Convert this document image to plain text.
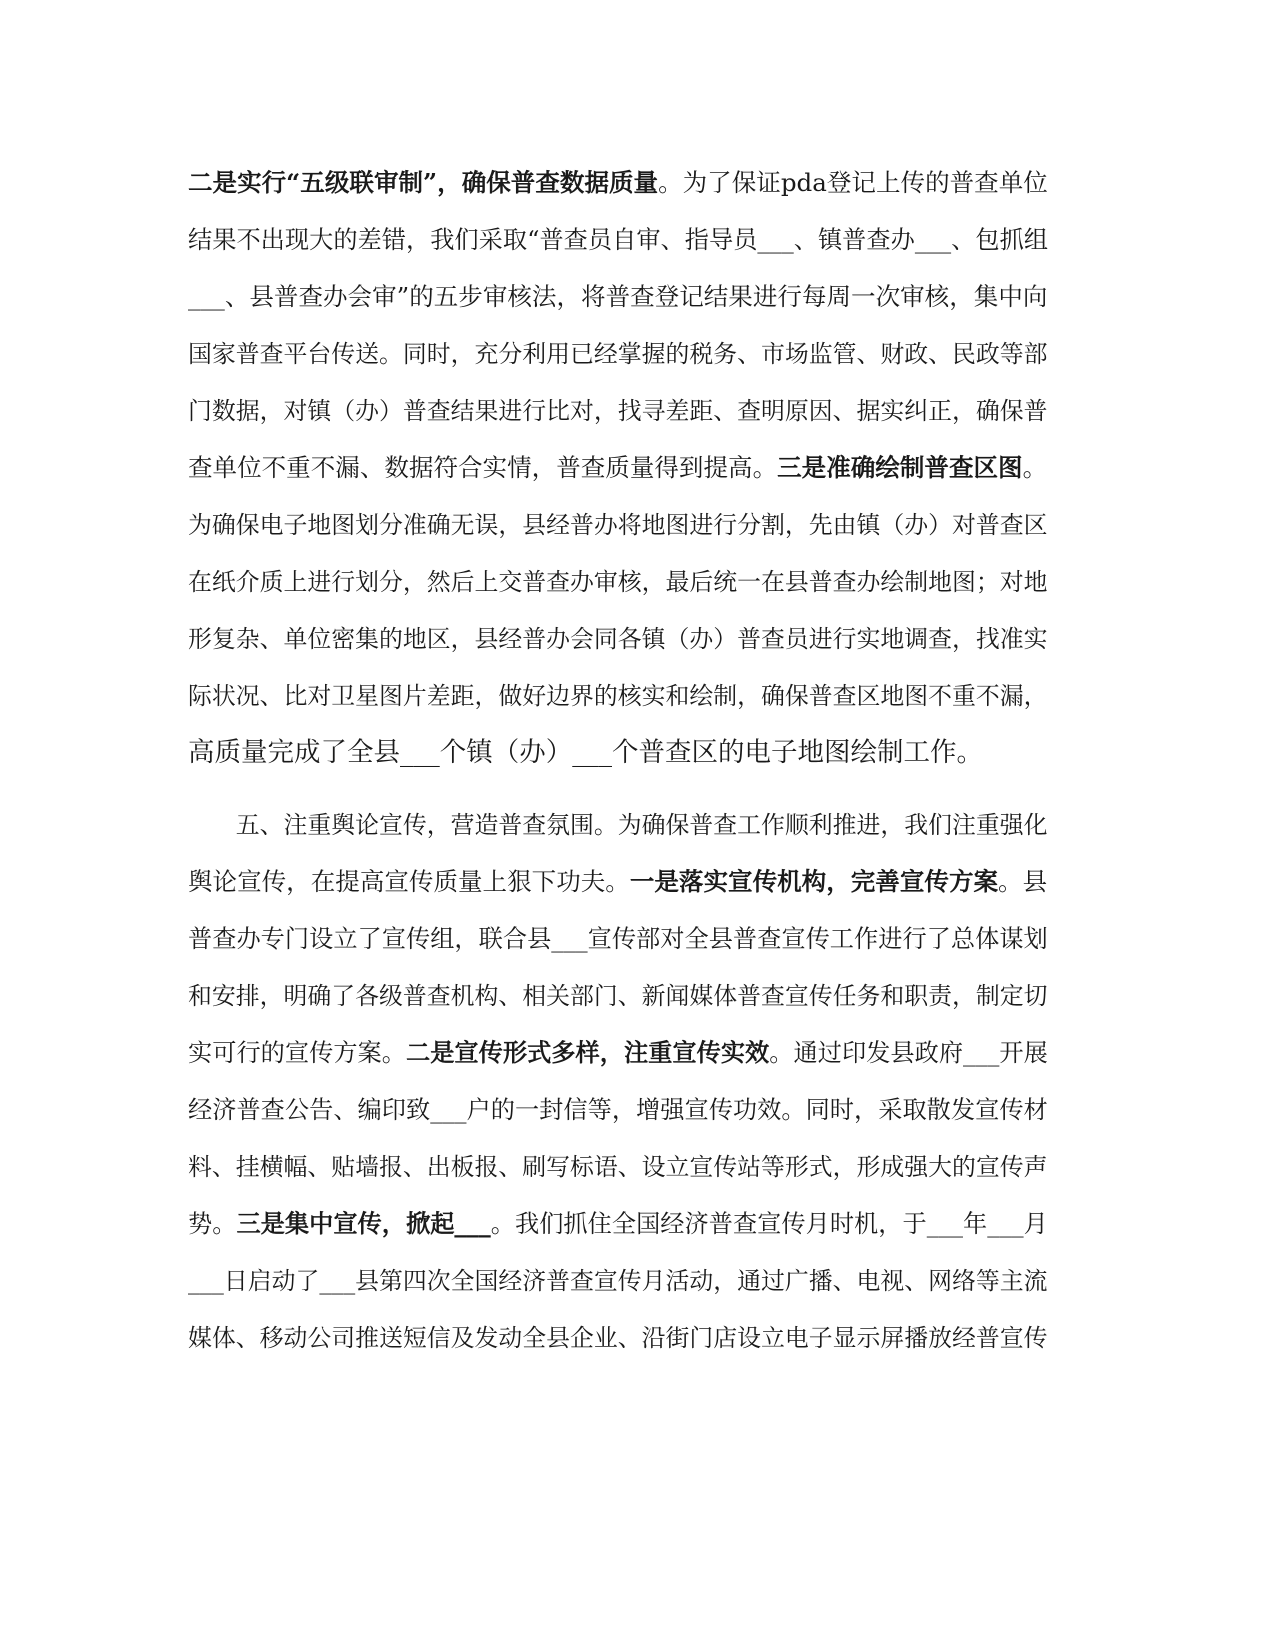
二是实行“五级联审制”，确保普查数据质量。为了保证pda登记上传的普查单位
结果不出现大的差错，我们采取“普查员自审、指导员___、镇普查办___、包抓组
___、县普查办会审”的五步审核法，将普查登记结果进行每周一次审核，集中向
国家普查平台传送。同时，充分利用已经掌握的税务、市场监管、财政、民政等部
门数据，对镇（办）普查结果进行比对，找寻差距、查明原因、据实纠正，确保普
查单位不重不漏、数据符合实情，普查质量得到提高。三是准确绘制普查区图。
为确保电子地图划分准确无误，县经普办将地图进行分割，先由镇（办）对普查区
在纸介质上进行划分，然后上交普查办审核，最后统一在县普查办绘制地图；对地
形复杂、单位密集的地区，县经普办会同各镇（办）普查员进行实地调查，找准实
际状况、比对卫星图片差距，做好边界的核实和绘制，确保普查区地图不重不漏，
高质量完成了全县___个镇（办）___个普查区的电子地图绘制工作。
　　五、注重舆论宣传，营造普查氛围。为确保普查工作顺利推进，我们注重强化
舆论宣传，在提高宣传质量上狠下功夫。一是落实宣传机构，完善宣传方案。县
普查办专门设立了宣传组，联合县___宣传部对全县普查宣传工作进行了总体谋划
和安排，明确了各级普查机构、相关部门、新闻媒体普查宣传任务和职责，制定切
实可行的宣传方案。二是宣传形式多样，注重宣传实效。通过印发县政府___开展
经济普查公告、编印致___户的一封信等，增强宣传功效。同时，采取散发宣传材
料、挂横幅、贴墙报、出板报、刷写标语、设立宣传站等形式，形成强大的宣传声
势。三是集中宣传，掀起___。我们抓住全国经济普查宣传月时机，于___年___月
___日启动了___县第四次全国经济普查宣传月活动，通过广播、电视、网络等主流
媒体、移动公司推送短信及发动全县企业、沿街门店设立电子显示屏播放经普宣传
